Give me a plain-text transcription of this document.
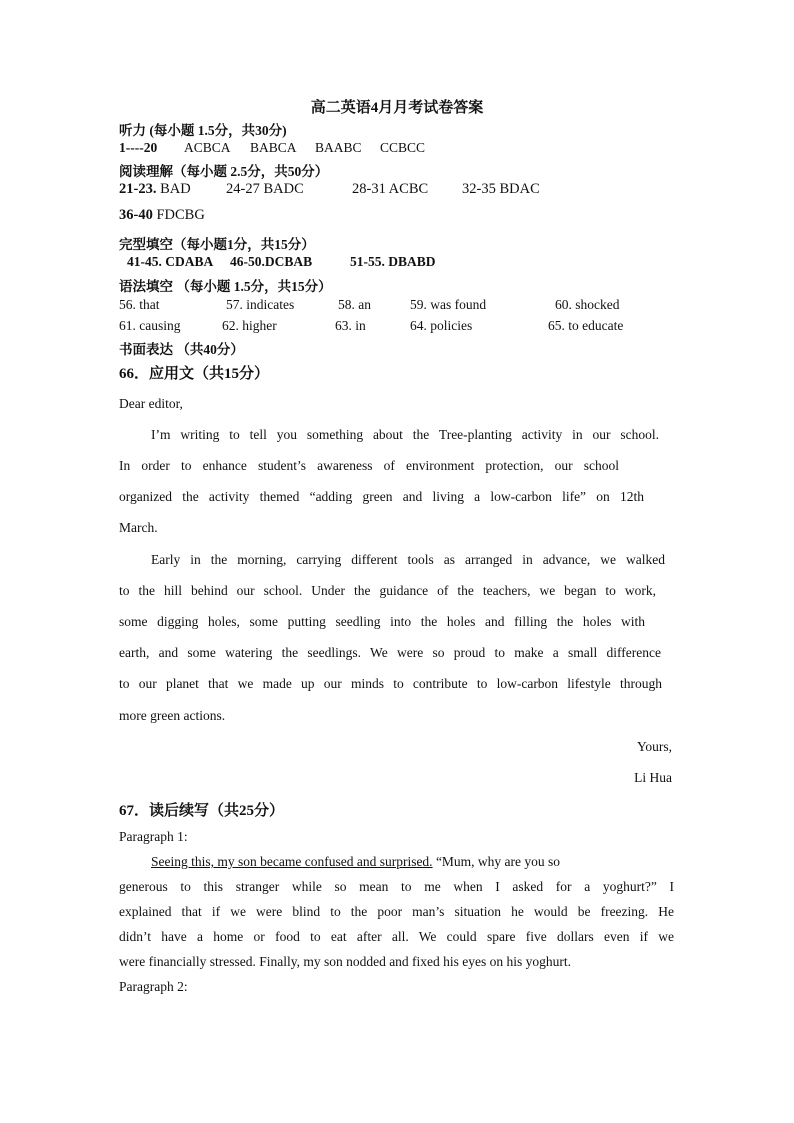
高二英语4月月考试卷答案
听力 (每小题 1.5分，共30分)
1----20 ACBCA BABCA BAABC CCBCC
阅读理解（每小题 2.5分，共50分）
21-23. BAD 24-27 BADC	28-31 ACBC 32-35 BDAC
36-40 FDCBG
完型填空（每小题1分，共15分）
41-45. CDABA 46-50.DCBAB	51-55. DBABD
语法填空 （每小题 1.5分，共15分）
56. that	57. indicates	58. an	59. was found	60. shocked
61. causing	62. higher	63. in	64. policies	65. to educate
书面表达 （共40分）
66．应用文（共15分）
Dear editor,
I’m writing to tell you something about the Tree-planting activity in our school.
In order to enhance student’s awareness of environment protection, our school
organized the activity themed “adding green and living a low-carbon life” on 12th
March.
Early in the morning, carrying different tools as arranged in advance, we walked
to the hill behind our school. Under the guidance of the teachers, we began to work,
some digging holes, some putting seedling into the holes and filling the holes with
earth, and some watering the seedlings. We were so proud to make a small difference
to our planet that we made up our minds to contribute to low-carbon lifestyle through
more green actions.
Yours,
Li Hua
67．读后续写（共25分）
Paragraph 1:
Seeing this, my son became confused and surprised. “Mum, why are you so
generous to this stranger while so mean to me when I asked for a yoghurt?” I
explained that if we were blind to the poor man’s situation he would be freezing. He
didn’t have a home or food to eat after all. We could spare five dollars even if we
were financially stressed. Finally, my son nodded and fixed his eyes on his yoghurt.
Paragraph 2:
